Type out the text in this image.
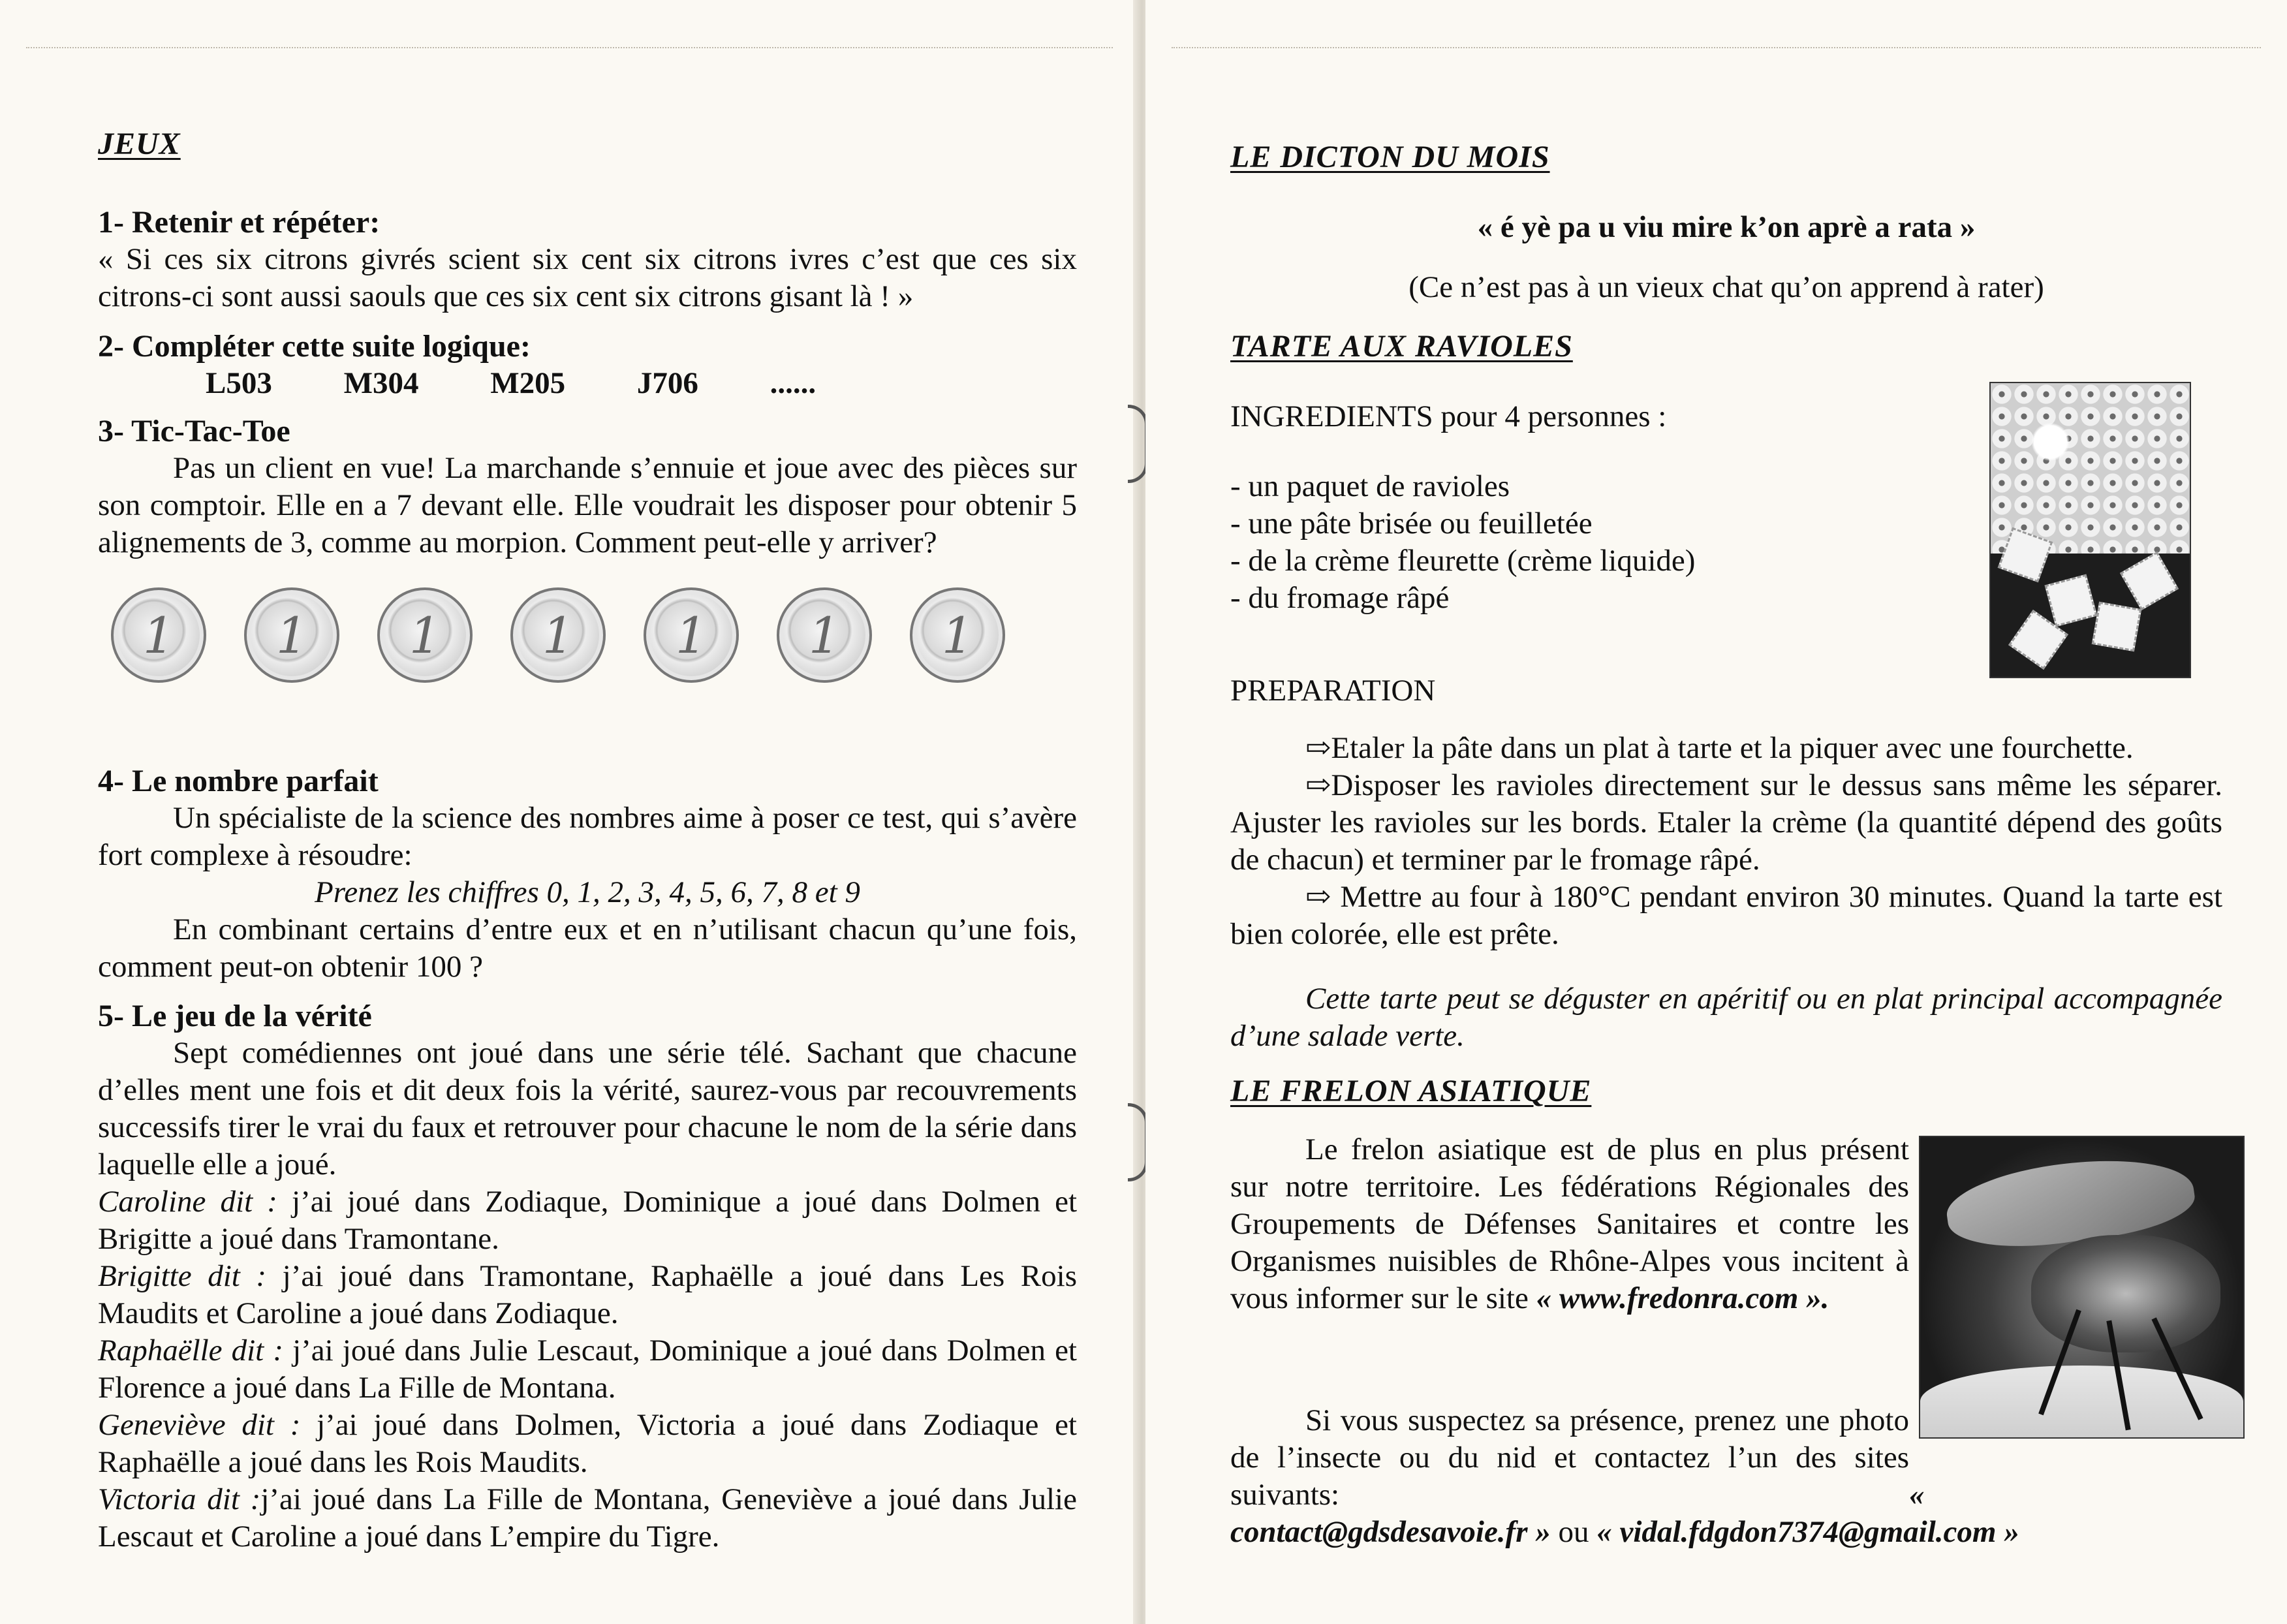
JEUX
1- Retenir et répéter:

« Si ces six citrons givrés scient six cent six citrons ivres c’est que ces six citrons-ci sont aussi saouls que ces six cent six citrons gisant là ! »

2- Compléter cette suite logique:

L503 M304 M205 J706 ......

3- Tic-Tac-Toe

Pas un client en vue! La marchande s’ennuie et joue avec des pièces sur son comptoir. Elle en a 7 devant elle. Elle voudrait les disposer pour obtenir 5 alignements de 3, comme au morpion. Comment peut-elle y arriver?

1 1 1 1 1 1 1
4- Le nombre parfait

Un spécialiste de la science des nombres aime à poser ce test, qui s’avère fort complexe à résoudre:

Prenez les chiffres 0, 1, 2, 3, 4, 5, 6, 7, 8 et 9

En combinant certains d’entre eux et en n’utilisant chacun qu’une fois, comment peut-on obtenir 100 ?

5- Le jeu de la vérité

Sept comédiennes ont joué dans une série télé. Sachant que chacune d’elles ment une fois et dit deux fois la vérité, saurez-vous par recouvrements successifs tirer le vrai du faux et retrouver pour chacune le nom de la série dans laquelle elle a joué.

Caroline dit : j’ai joué dans Zodiaque, Dominique a joué dans Dolmen et Brigitte a joué dans Tramontane.

Brigitte dit : j’ai joué dans Tramontane, Raphaëlle a joué dans Les Rois Maudits et Caroline a joué dans Zodiaque.

Raphaëlle dit : j’ai joué dans Julie Lescaut, Dominique a joué dans Dolmen et Florence a joué dans La Fille de Montana.

Geneviève dit : j’ai joué dans Dolmen, Victoria a joué dans Zodiaque et Raphaëlle a joué dans les Rois Maudits.

Victoria dit :j’ai joué dans La Fille de Montana, Geneviève a joué dans Julie Lescaut et Caroline a joué dans L’empire du Tigre.

LE DICTON DU MOIS

« é yè pa u viu mire k’on aprè a rata »

(Ce n’est pas à un vieux chat qu’on apprend à rater)

TARTE AUX RAVIOLES

INGREDIENTS pour 4 personnes :

- un paquet de ravioles

- une pâte brisée ou feuilletée

- de la crème fleurette (crème liquide)

- du fromage râpé

PREPARATION

⇨Etaler la pâte dans un plat à tarte et la piquer avec une fourchette.

⇨Disposer les ravioles directement sur le dessus sans même les séparer. Ajuster les ravioles sur les bords. Etaler la crème (la quantité dépend des goûts de chacun) et terminer par le fromage râpé.

⇨ Mettre au four à 180°C pendant environ 30 minutes. Quand la tarte est bien colorée, elle est prête.

Cette tarte peut se déguster en apéritif ou en plat principal accompagnée d’une salade verte.

LE FRELON ASIATIQUE

Le frelon asiatique est de plus en plus présent sur notre territoire. Les fédérations Régionales des Groupements de Défenses Sanitaires et contre les Organismes nuisibles de Rhône-Alpes vous incitent à vous informer sur le site « www.fredonra.com ».

Si vous suspectez sa présence, prenez une photo de l’insecte ou du nid et contactez l’un des sites suivants:	« contact@gdsdesavoie.fr » ou « vidal.fdgdon7374@gmail.com »
